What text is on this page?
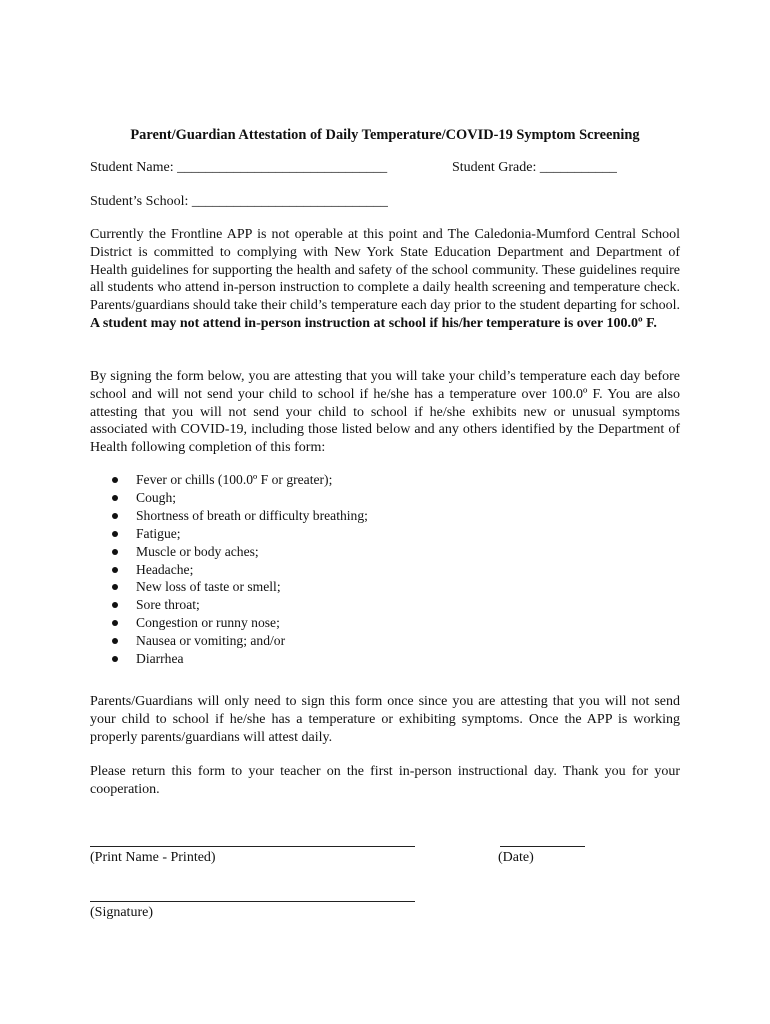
Parent/Guardian Attestation of Daily Temperature/COVID-19 Symptom Screening
Student Name: ______________________________	Student Grade: ___________
Student’s School: ____________________________
Currently the Frontline APP is not operable at this point and The Caledonia-Mumford Central School District is committed to complying with New York State Education Department and Department of Health guidelines for supporting the health and safety of the school community. These guidelines require all students who attend in-person instruction to complete a daily health screening and temperature check. Parents/guardians should take their child’s temperature each day prior to the student departing for school. A student may not attend in-person instruction at school if his/her temperature is over 100.0º F.
By signing the form below, you are attesting that you will take your child’s temperature each day before school and will not send your child to school if he/she has a temperature over 100.0º F. You are also attesting that you will not send your child to school if he/she exhibits new or unusual symptoms associated with COVID-19, including those listed below and any others identified by the Department of Health following completion of this form:
Fever or chills (100.0º F or greater);
Cough;
Shortness of breath or difficulty breathing;
Fatigue;
Muscle or body aches;
Headache;
New loss of taste or smell;
Sore throat;
Congestion or runny nose;
Nausea or vomiting; and/or
Diarrhea
Parents/Guardians will only need to sign this form once since you are attesting that you will not send your child to school if he/she has a temperature or exhibiting symptoms. Once the APP is working properly parents/guardians will attest daily.
Please return this form to your teacher on the first in-person instructional day. Thank you for your cooperation.
(Print Name - Printed)	(Date)
(Signature)
